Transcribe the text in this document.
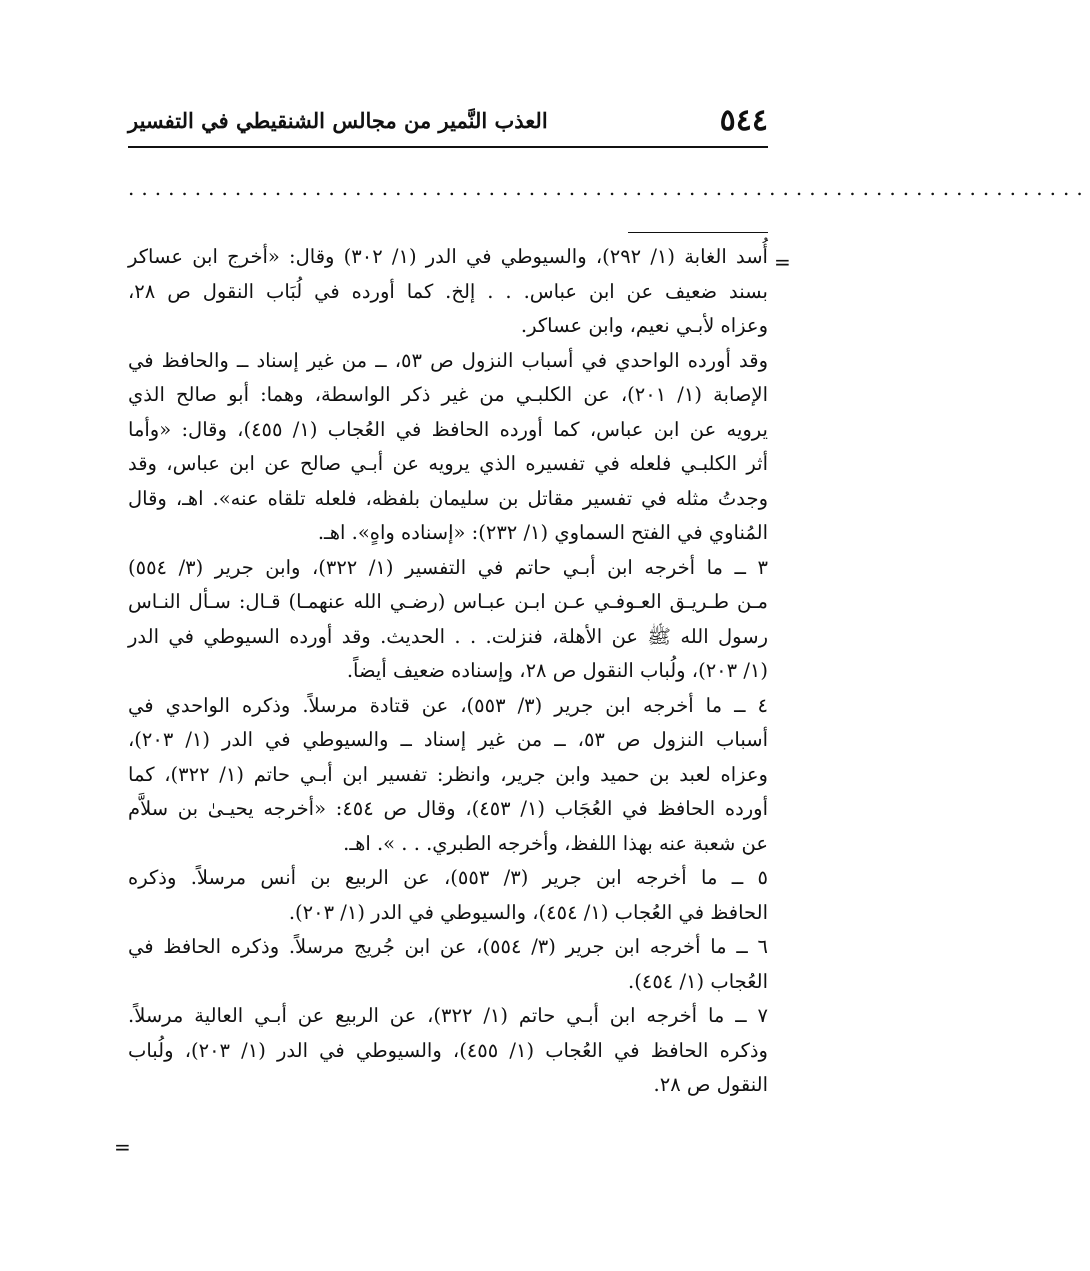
٥٤٤
العذب النَّمير من مجالس الشنقيطي في التفسير
........................................................................
=
أُسد الغابة (١/ ٢٩٢)، والسيوطي في الدر (١/ ٣٠٢) وقال: «أخرج ابن عساكر
بسند ضعيف عن ابن عباس. . . إلخ. كما أورده في لُبَاب النقول ص ٢٨،
وعزاه لأبـي نعيم، وابن عساكر.
وقد أورده الواحدي في أسباب النزول ص ٥٣، ــ من غير إسناد ــ والحافظ في
الإصابة (١/ ٢٠١)، عن الكلبـي من غير ذكر الواسطة، وهما: أبو صالح الذي
يرويه عن ابن عباس، كما أورده الحافظ في العُجاب (١/ ٤٥٥)، وقال: «وأما
أثر الكلبـي فلعله في تفسيره الذي يرويه عن أبـي صالح عن ابن عباس، وقد
وجدتُ مثله في تفسير مقاتل بن سليمان بلفظه، فلعله تلقاه عنه». اهـ، وقال
المُناوي في الفتح السماوي (١/ ٢٣٢): «إسناده واهٍ». اهـ.
٣ ــ ما أخرجه ابن أبـي حاتم في التفسير (١/ ٣٢٢)، وابن جرير (٣/ ٥٥٤)
مـن طـريـق العـوفـي عـن ابـن عبـاس (رضـي الله عنهمـا) قـال: سـأل النـاس
رسول الله ﷺ عن الأهلة، فنزلت. . . الحديث. وقد أورده السيوطي في الدر
(١/ ٢٠٣)، ولُباب النقول ص ٢٨، وإسناده ضعيف أيضاً.
٤ ــ ما أخرجه ابن جرير (٣/ ٥٥٣)، عن قتادة مرسلاً. وذكره الواحدي في
أسباب النزول ص ٥٣، ــ من غير إسناد ــ والسيوطي في الدر (١/ ٢٠٣)،
وعزاه لعبد بن حميد وابن جرير، وانظر: تفسير ابن أبـي حاتم (١/ ٣٢٢)، كما
أورده الحافظ في العُجَاب (١/ ٤٥٣)، وقال ص ٤٥٤: «أخرجه يحيـىٰ بن سلاَّم
عن شعبة عنه بهذا اللفظ، وأخرجه الطبري. . . ». اهـ.
٥ ــ ما أخرجه ابن جرير (٣/ ٥٥٣)، عن الربيع بن أنس مرسلاً. وذكره
الحافظ في العُجاب (١/ ٤٥٤)، والسيوطي في الدر (١/ ٢٠٣).
٦ ــ ما أخرجه ابن جرير (٣/ ٥٥٤)، عن ابن جُريج مرسلاً. وذكره الحافظ في
العُجاب (١/ ٤٥٤).
٧ ــ ما أخرجه ابن أبـي حاتم (١/ ٣٢٢)، عن الربيع عن أبـي العالية مرسلاً.
وذكره الحافظ في العُجاب (١/ ٤٥٥)، والسيوطي في الدر (١/ ٢٠٣)، ولُباب
النقول ص ٢٨.
=
